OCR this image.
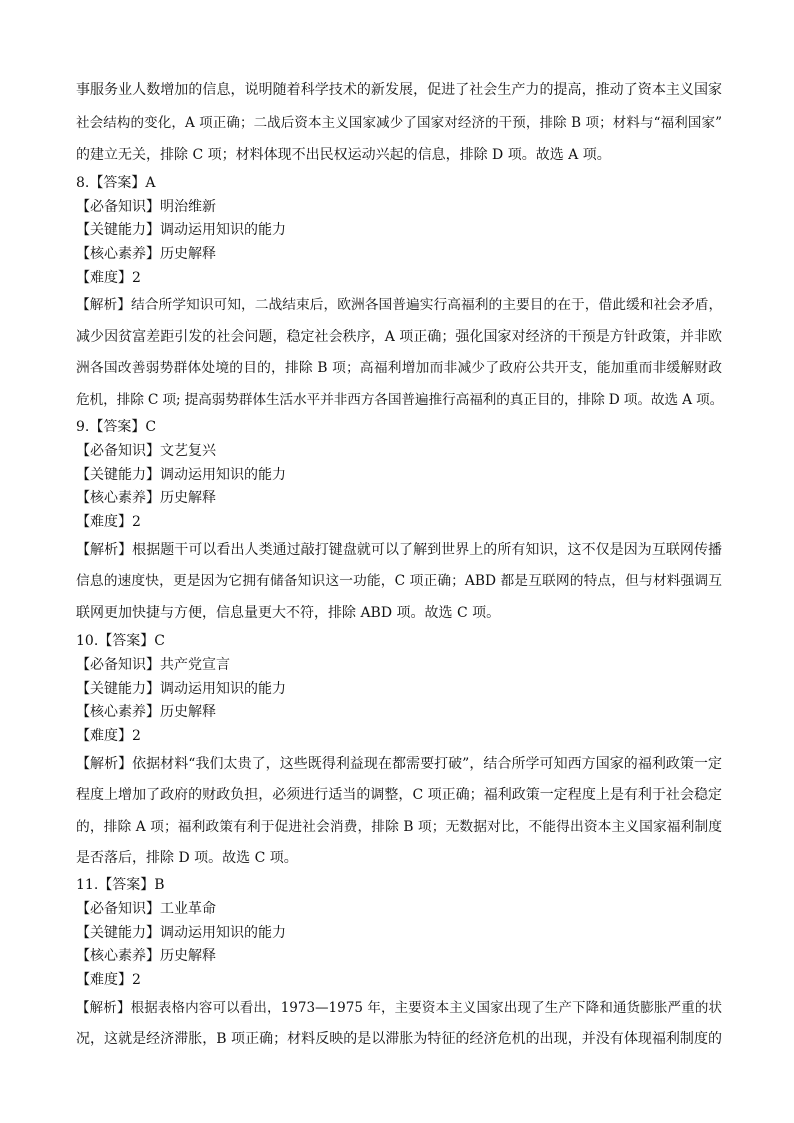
事服务业人数增加的信息，说明随着科学技术的新发展，促进了社会生产力的提高，推动了资本主义国家
社会结构的变化，A 项正确；二战后资本主义国家减少了国家对经济的干预，排除 B 项；材料与“福利国家”
的建立无关，排除 C 项；材料体现不出民权运动兴起的信息，排除 D 项。故选 A 项。
8.【答案】A
【必备知识】明治维新
【关键能力】调动运用知识的能力
【核心素养】历史解释
【难度】2
【解析】结合所学知识可知，二战结束后，欧洲各国普遍实行高福利的主要目的在于，借此缓和社会矛盾，
减少因贫富差距引发的社会问题，稳定社会秩序，A 项正确；强化国家对经济的干预是方针政策，并非欧
洲各国改善弱势群体处境的目的，排除 B 项；高福利增加而非减少了政府公共开支，能加重而非缓解财政
危机，排除 C 项; 提高弱势群体生活水平并非西方各国普遍推行高福利的真正目的，排除 D 项。故选 A 项。
9.【答案】C
【必备知识】文艺复兴
【关键能力】调动运用知识的能力
【核心素养】历史解释
【难度】2
【解析】根据题干可以看出人类通过敲打键盘就可以了解到世界上的所有知识，这不仅是因为互联网传播
信息的速度快，更是因为它拥有储备知识这一功能，C 项正确；ABD 都是互联网的特点，但与材料强调互
联网更加快捷与方便，信息量更大不符，排除 ABD 项。故选 C 项。
10.【答案】C
【必备知识】共产党宣言
【关键能力】调动运用知识的能力
【核心素养】历史解释
【难度】2
【解析】依据材料“我们太贵了，这些既得利益现在都需要打破”，结合所学可知西方国家的福利政策一定
程度上增加了政府的财政负担，必须进行适当的调整，C 项正确；福利政策一定程度上是有利于社会稳定
的，排除 A 项；福利政策有利于促进社会消费，排除 B 项；无数据对比，不能得出资本主义国家福利制度
是否落后，排除 D 项。故选 C 项。
11.【答案】B
【必备知识】工业革命
【关键能力】调动运用知识的能力
【核心素养】历史解释
【难度】2
【解析】根据表格内容可以看出，1973—1975 年，主要资本主义国家出现了生产下降和通货膨胀严重的状
况，这就是经济滞胀，B 项正确；材料反映的是以滞胀为特征的经济危机的出现，并没有体现福利制度的
